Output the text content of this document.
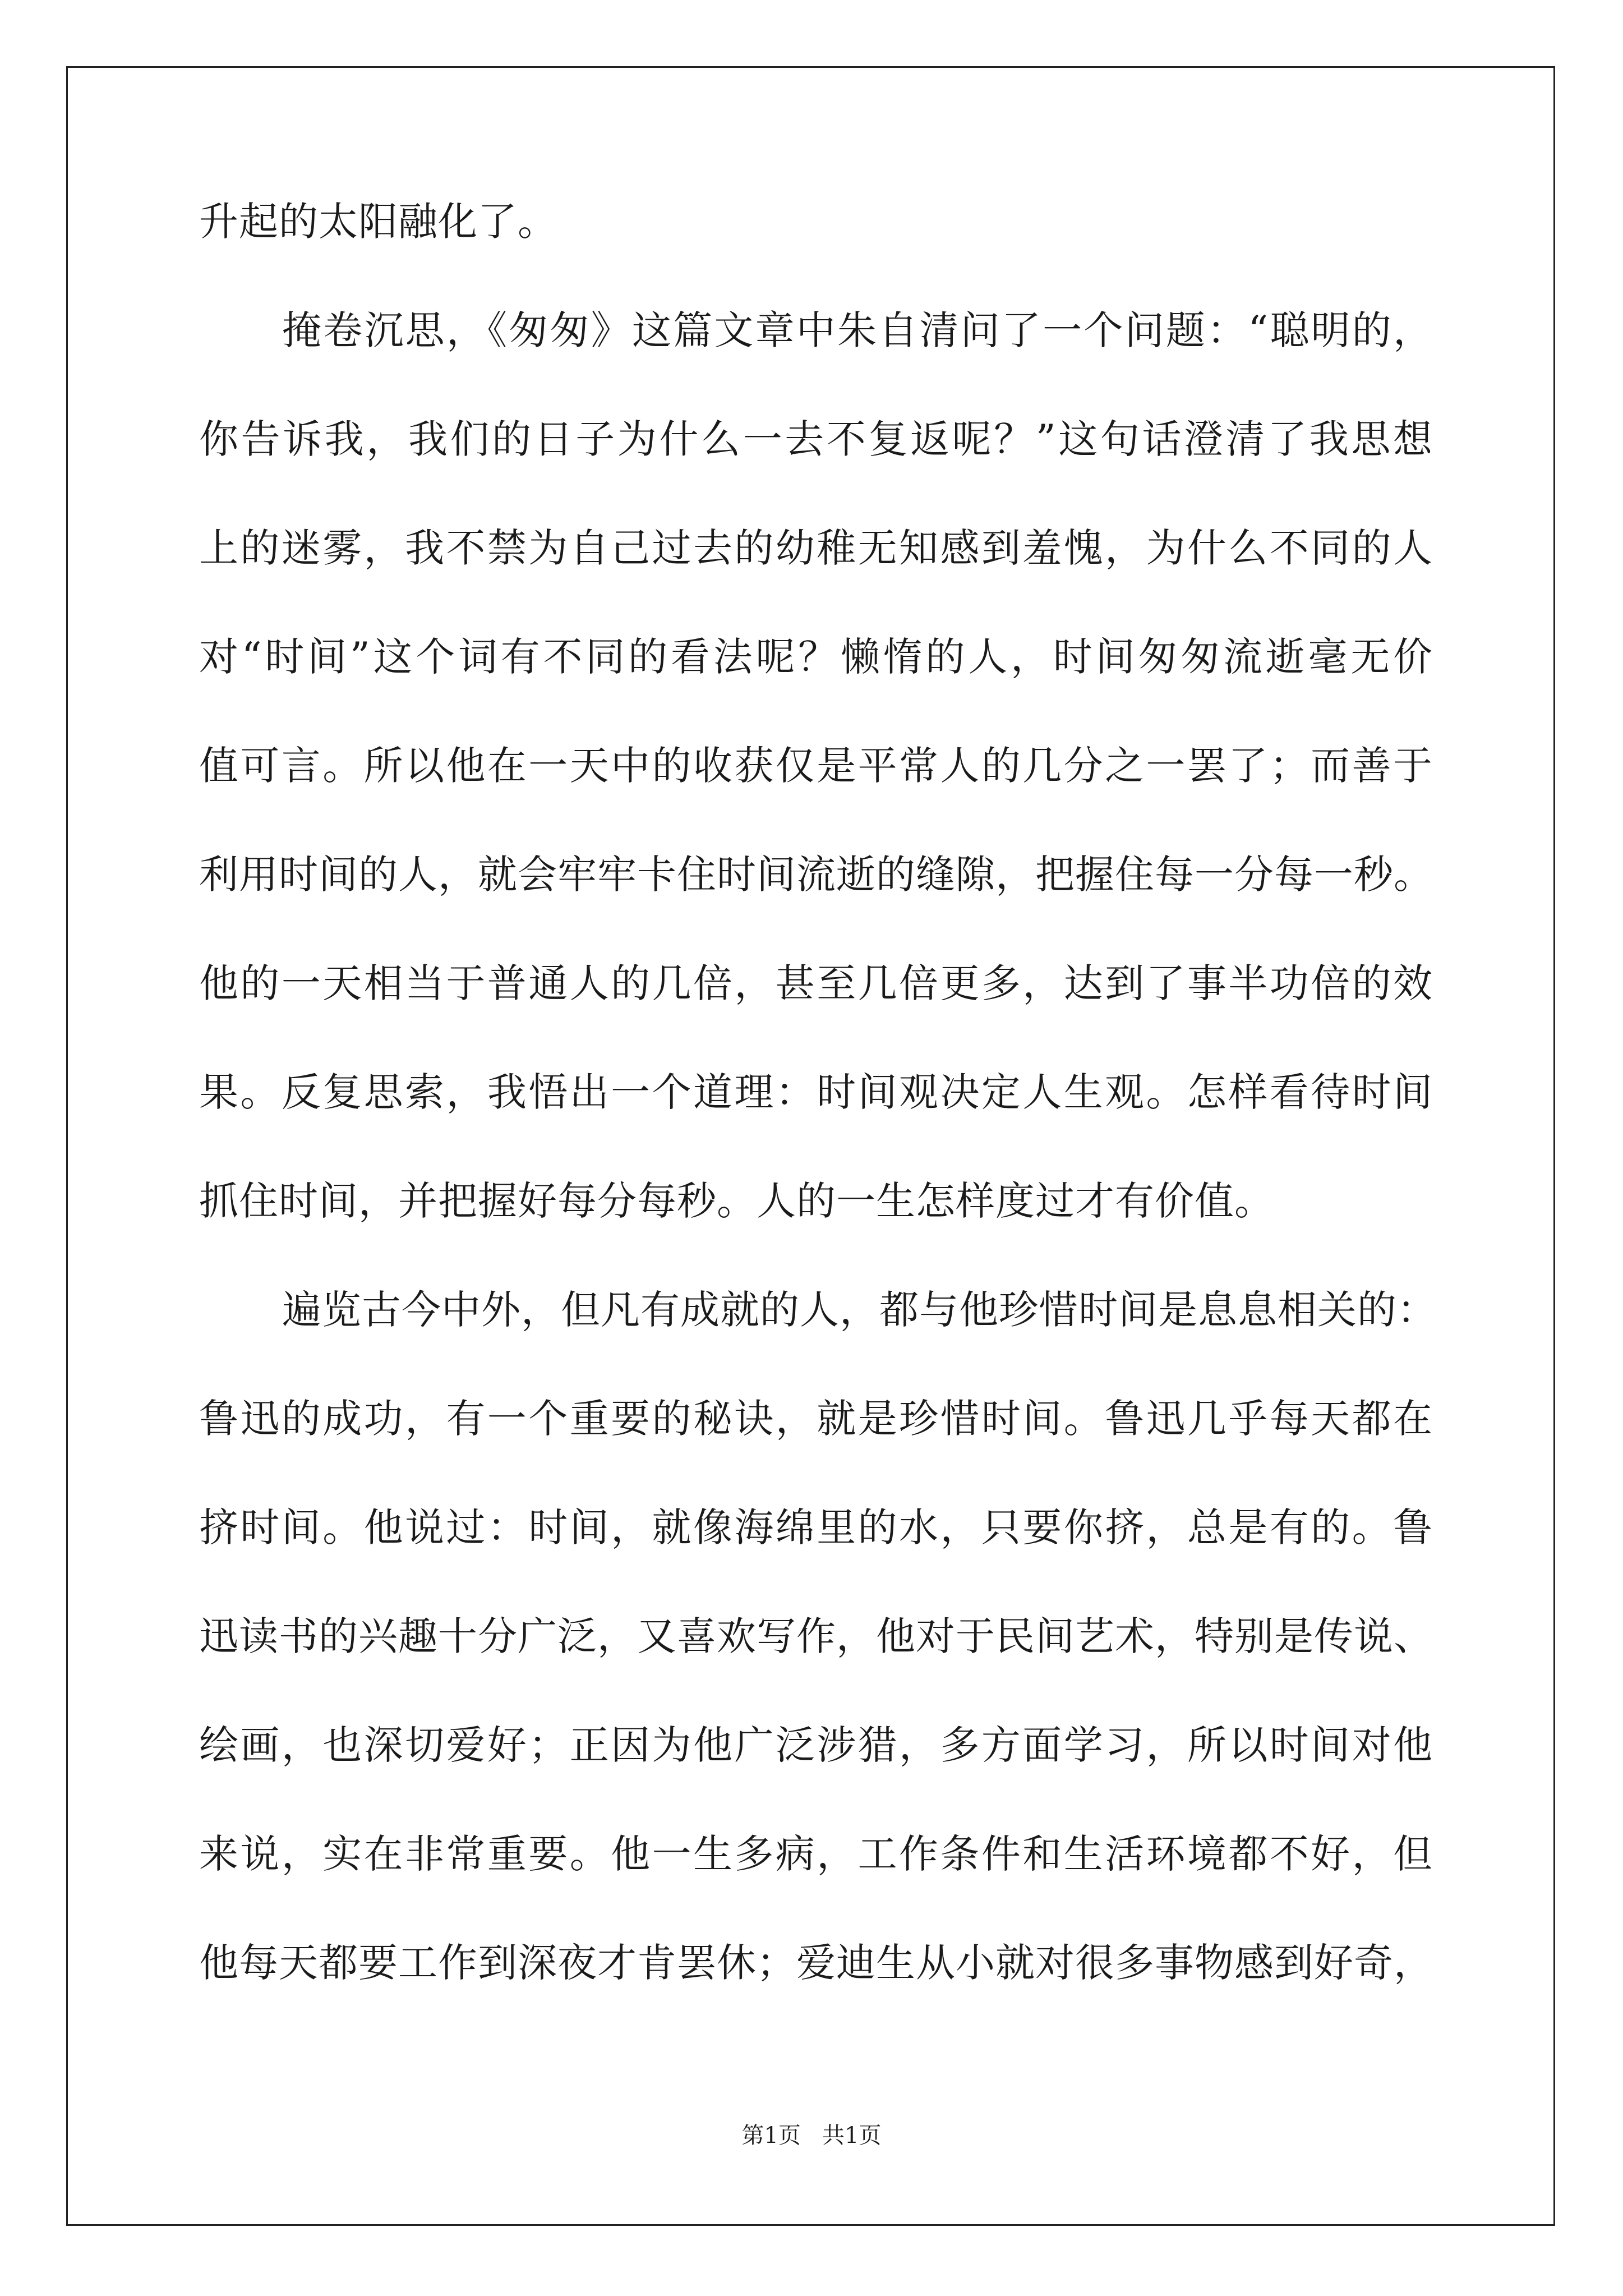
升起的太阳融化了。
掩卷沉思，《匆匆》这篇文章中朱自清问了一个问题：“聪明的，
你告诉我，我们的日子为什么一去不复返呢？”这句话澄清了我思想
上的迷雾，我不禁为自己过去的幼稚无知感到羞愧，为什么不同的人
对“时间”这个词有不同的看法呢？懒惰的人，时间匆匆流逝毫无价
值可言。所以他在一天中的收获仅是平常人的几分之一罢了；而善于
利用时间的人，就会牢牢卡住时间流逝的缝隙，把握住每一分每一秒。
他的一天相当于普通人的几倍，甚至几倍更多，达到了事半功倍的效
果。反复思索，我悟出一个道理：时间观决定人生观。怎样看待时间
抓住时间，并把握好每分每秒。人的一生怎样度过才有价值。
遍览古今中外，但凡有成就的人，都与他珍惜时间是息息相关的：
鲁迅的成功，有一个重要的秘诀，就是珍惜时间。鲁迅几乎每天都在
挤时间。他说过：时间，就像海绵里的水，只要你挤，总是有的。鲁
迅读书的兴趣十分广泛，又喜欢写作，他对于民间艺术，特别是传说、
绘画，也深切爱好；正因为他广泛涉猎，多方面学习，所以时间对他
来说，实在非常重要。他一生多病，工作条件和生活环境都不好，但
他每天都要工作到深夜才肯罢休；爱迪生从小就对很多事物感到好奇，
第1页   共1页
